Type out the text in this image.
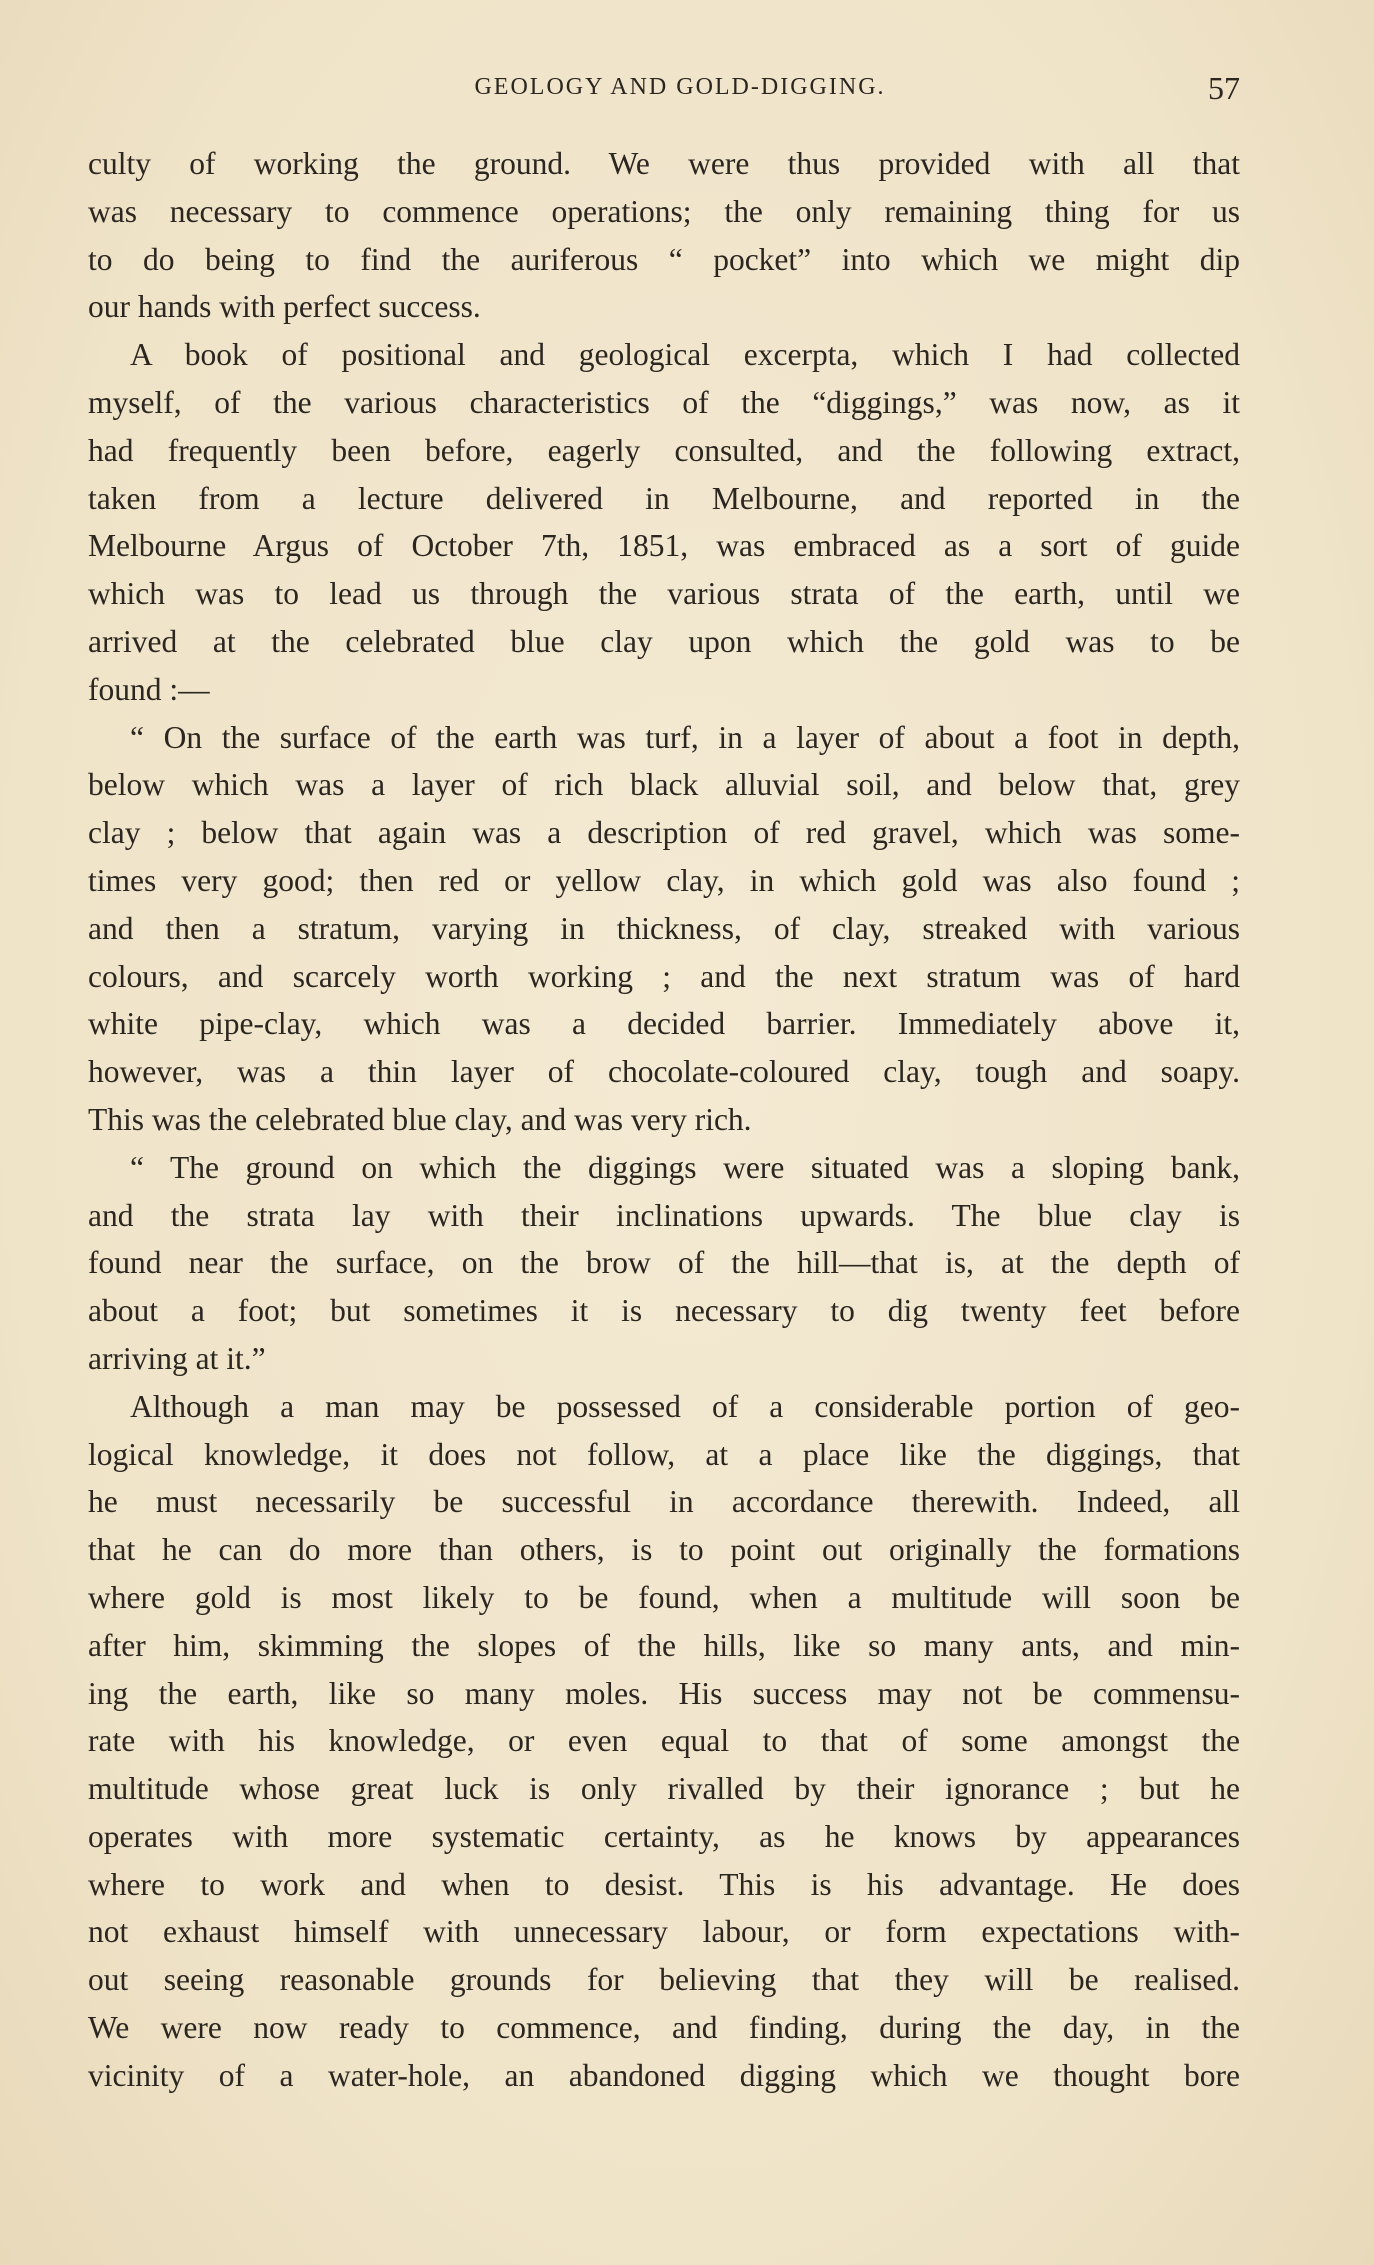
GEOLOGY AND GOLD-DIGGING.	57

culty of working the ground. We were thus provided with all that
was necessary to commence operations; the only remaining thing for us
to do being to find the auriferous “ pocket” into which we might dip
our hands with perfect success.

A book of positional and geological excerpta, which I had collected
myself, of the various characteristics of the “diggings,” was now, as it
had frequently been before, eagerly consulted, and the following extract,
taken from a lecture delivered in Melbourne, and reported in the
Melbourne Argus of October 7th, 1851, was embraced as a sort of guide
which was to lead us through the various strata of the earth, until we
arrived at the celebrated blue clay upon which the gold was to be
found :—

“ On the surface of the earth was turf, in a layer of about a foot in depth,
below which was a layer of rich black alluvial soil, and below that, grey
clay ; below that again was a description of red gravel, which was some-
times very good; then red or yellow clay, in which gold was also found ;
and then a stratum, varying in thickness, of clay, streaked with various
colours, and scarcely worth working ; and the next stratum was of hard
white pipe-clay, which was a decided barrier. Immediately above it,
however, was a thin layer of chocolate-coloured clay, tough and soapy.
This was the celebrated blue clay, and was very rich.

“ The ground on which the diggings were situated was a sloping bank,
and the strata lay with their inclinations upwards. The blue clay is
found near the surface, on the brow of the hill—that is, at the depth of
about a foot; but sometimes it is necessary to dig twenty feet before
arriving at it.”

Although a man may be possessed of a considerable portion of geo-
logical knowledge, it does not follow, at a place like the diggings, that
he must necessarily be successful in accordance therewith. Indeed, all
that he can do more than others, is to point out originally the formations
where gold is most likely to be found, when a multitude will soon be
after him, skimming the slopes of the hills, like so many ants, and min-
ing the earth, like so many moles. His success may not be commensu-
rate with his knowledge, or even equal to that of some amongst the
multitude whose great luck is only rivalled by their ignorance ; but he
operates with more systematic certainty, as he knows by appearances
where to work and when to desist. This is his advantage. He does
not exhaust himself with unnecessary labour, or form expectations with-
out seeing reasonable grounds for believing that they will be realised.
We were now ready to commence, and finding, during the day, in the
vicinity of a water-hole, an abandoned digging which we thought bore
